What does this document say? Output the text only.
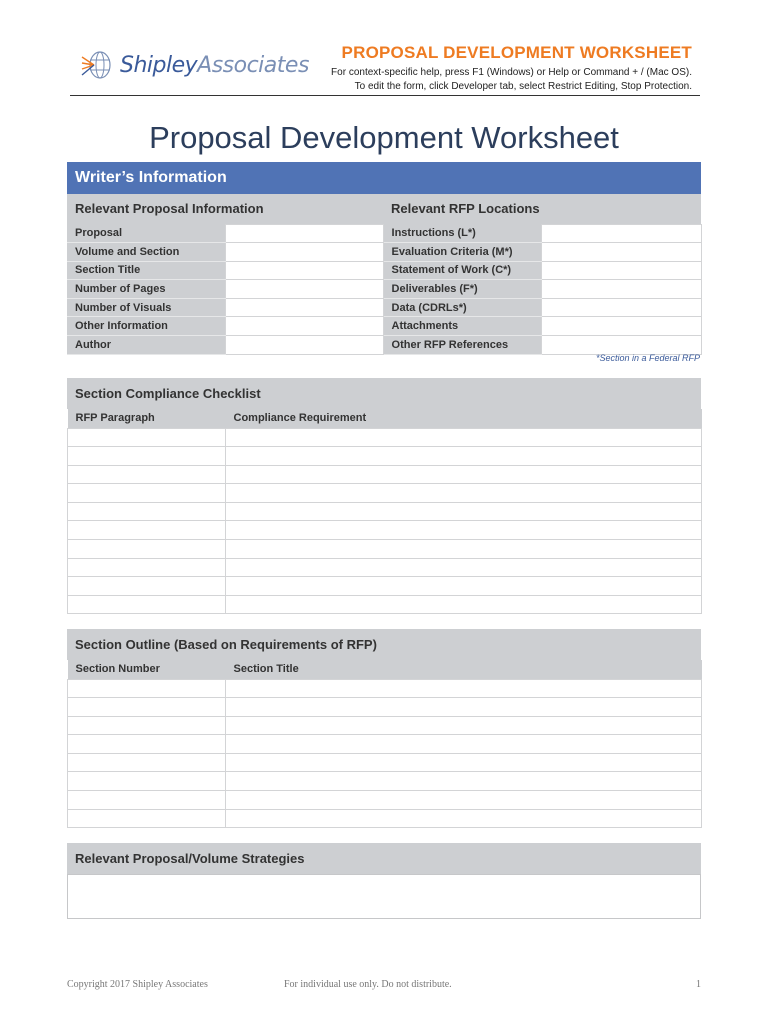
ShipleyAssociates PROPOSAL DEVELOPMENT WORKSHEET
For context-specific help, press F1 (Windows) or Help or Command + / (Mac OS).
To edit the form, click Developer tab, select Restrict Editing, Stop Protection.
Proposal Development Worksheet
Writer’s Information
Relevant Proposal Information		Relevant RFP Locations	
Proposal		Instructions (L*)	
Volume and Section		Evaluation Criteria (M*)	
Section Title		Statement of Work (C*)	
Number of Pages		Deliverables (F*)	
Number of Visuals		Data (CDRLs*)	
Other Information		Attachments	
Author		Other RFP References	
*Section in a Federal RFP
Section Compliance Checklist
RFP Paragraph	Compliance Requirement

Section Outline (Based on Requirements of RFP)
Section Number	Section Title

Relevant Proposal/Volume Strategies
Copyright 2017 Shipley Associates	For individual use only. Do not distribute.	1
